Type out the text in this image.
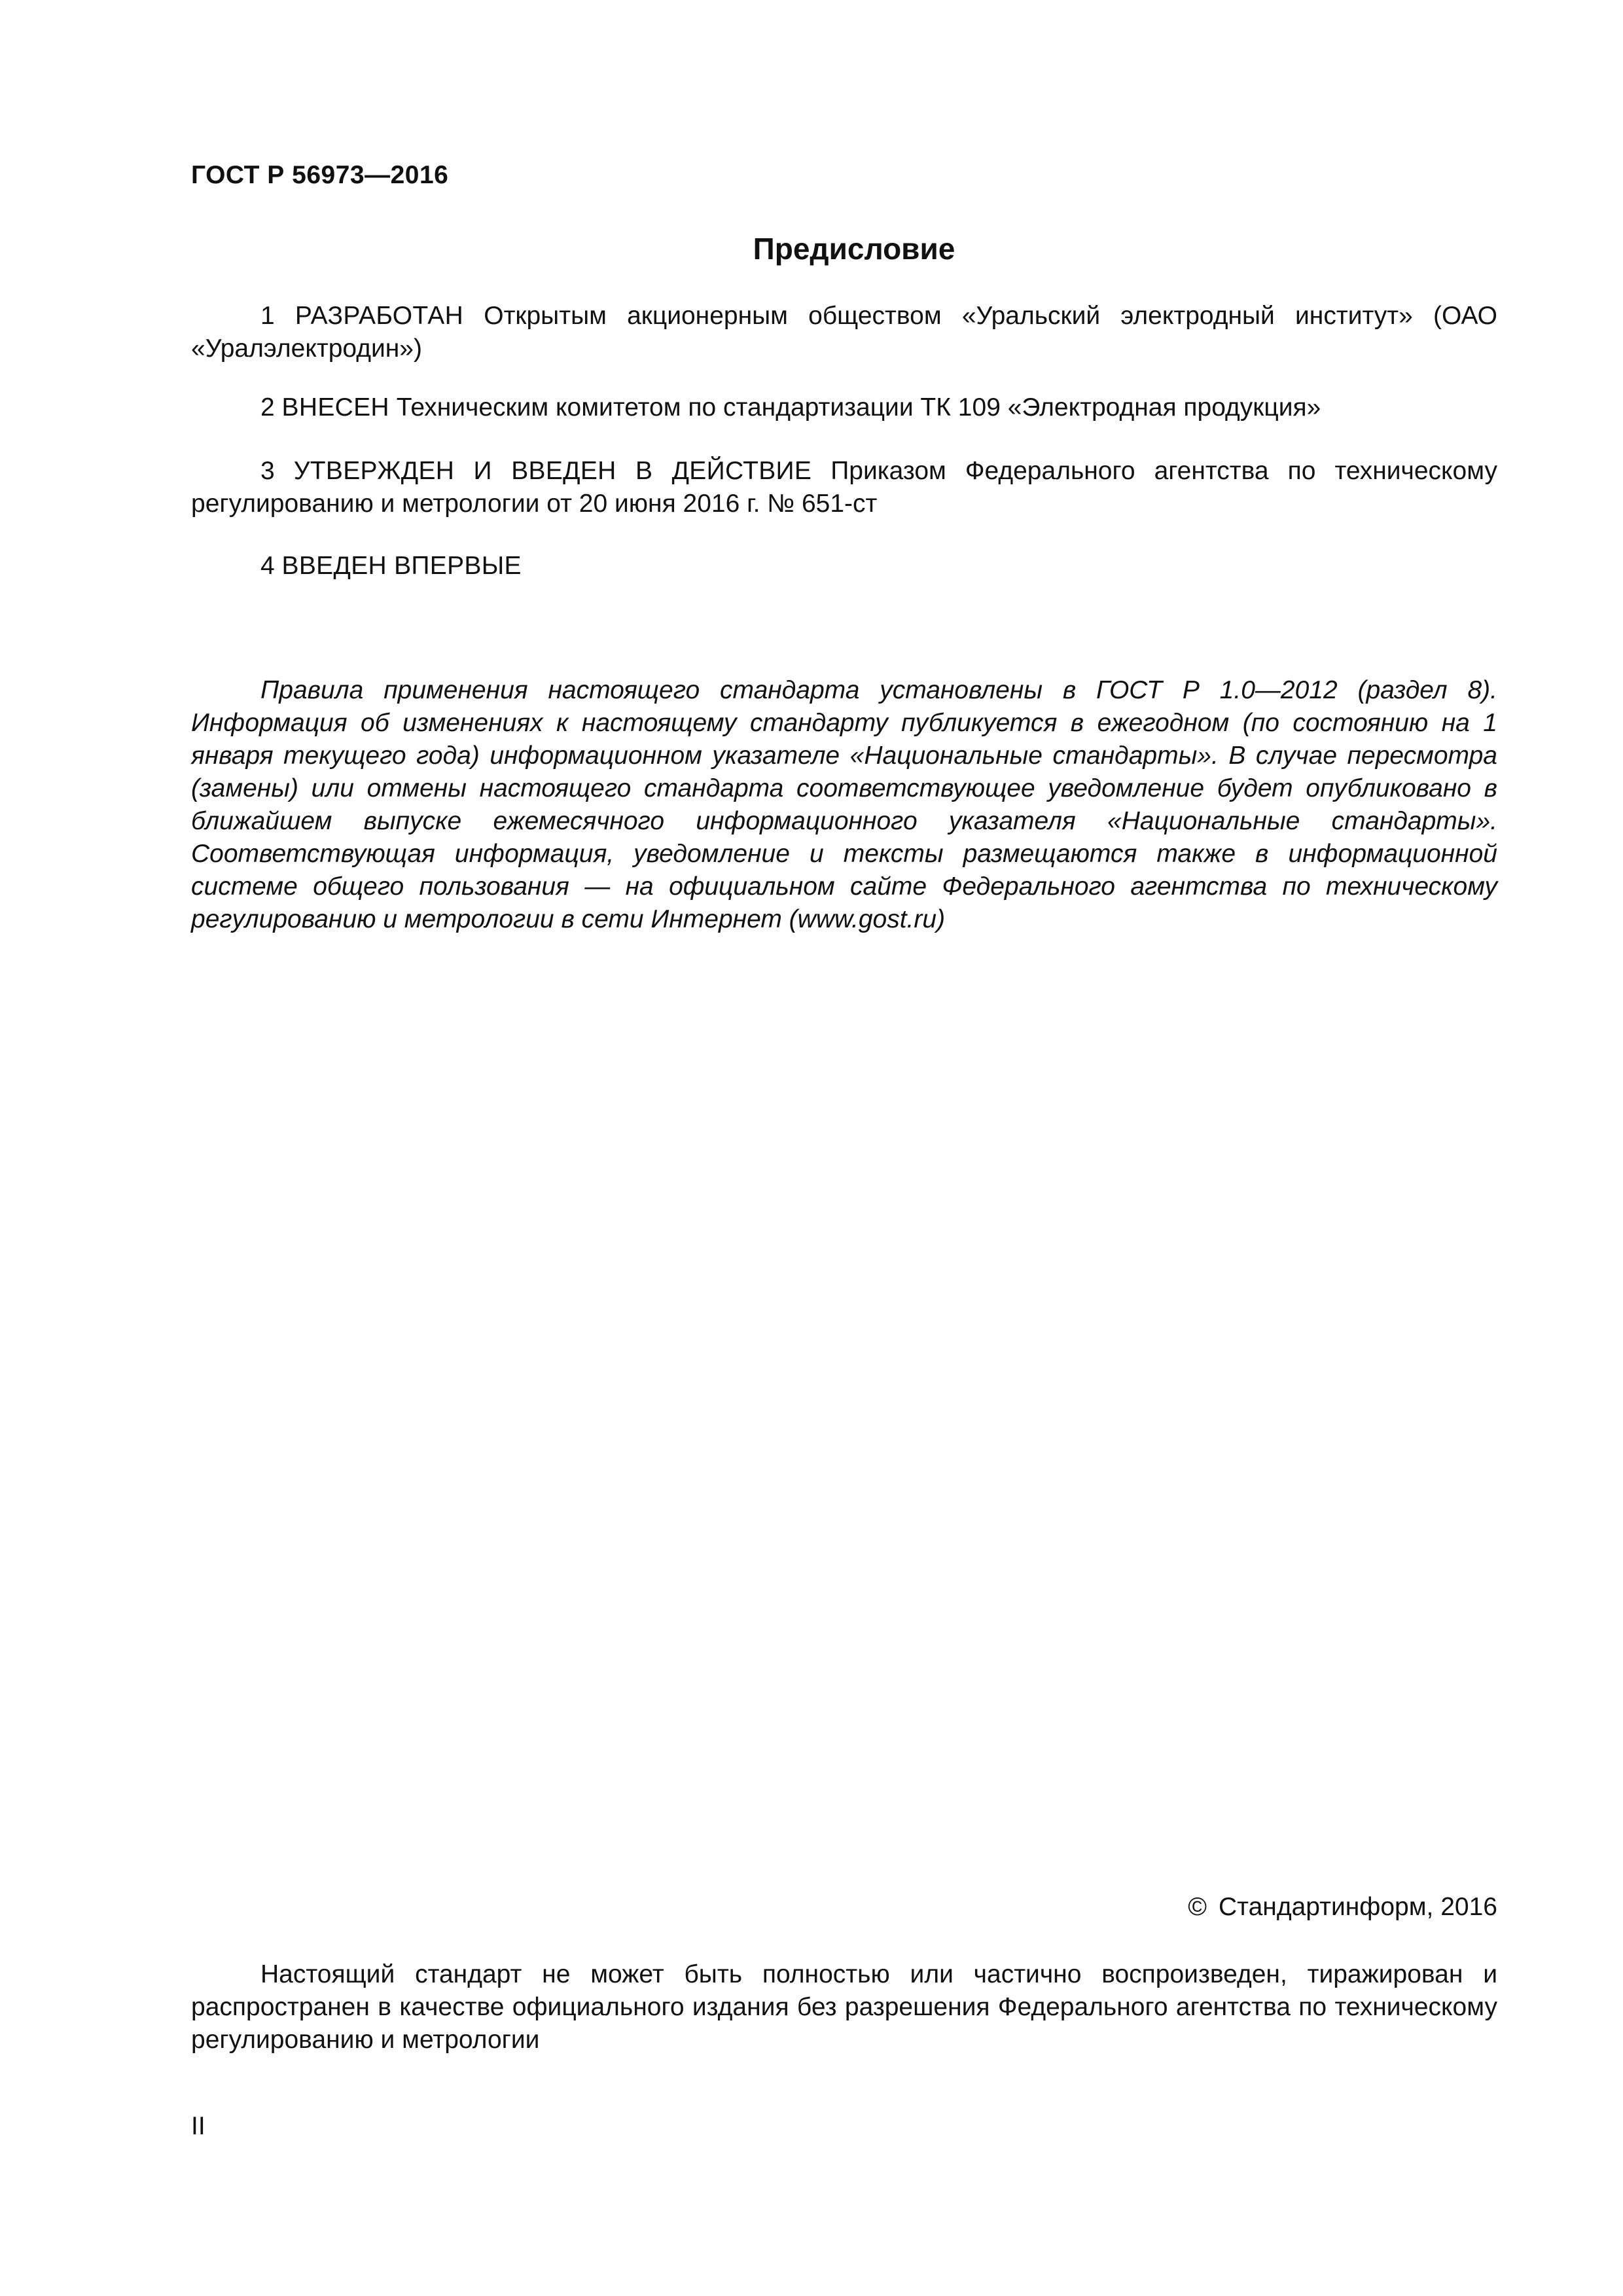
ГОСТ Р 56973—2016
Предисловие
1 РАЗРАБОТАН Открытым акционерным обществом «Уральский электродный институт» (ОАО «Уралэлектродин»)
2 ВНЕСЕН Техническим комитетом по стандартизации ТК 109 «Электродная продукция»
3 УТВЕРЖДЕН И ВВЕДЕН В ДЕЙСТВИЕ Приказом Федерального агентства по техническому регулированию и метрологии от 20 июня 2016 г. № 651-ст
4 ВВЕДЕН ВПЕРВЫЕ
Правила применения настоящего стандарта установлены в ГОСТ Р 1.0—2012 (раздел 8). Информация об изменениях к настоящему стандарту публикуется в ежегодном (по состоянию на 1 января текущего года) информационном указателе «Национальные стандарты». В случае пересмотра (замены) или отмены настоящего стандарта соответствующее уведомление будет опубликовано в ближайшем выпуске ежемесячного информационного указателя «Национальные стандарты». Соответствующая информация, уведомление и тексты размещаются также в информационной системе общего пользования — на официальном сайте Федерального агентства по техническому регулированию и метрологии в сети Интернет (www.gost.ru)
© Стандартинформ, 2016
Настоящий стандарт не может быть полностью или частично воспроизведен, тиражирован и распространен в качестве официального издания без разрешения Федерального агентства по техническому регулированию и метрологии
II
